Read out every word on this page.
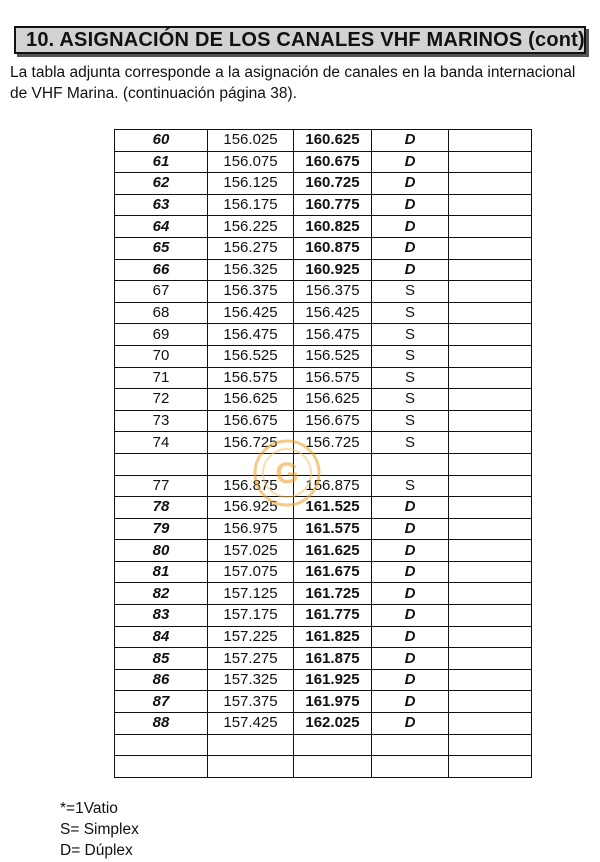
10. ASIGNACIÓN DE LOS CANALES VHF MARINOS (cont)
La tabla adjunta corresponde a la asignación de canales en la banda internacional
de VHF Marina. (continuación página 38).
60	156.025	160.625	D	
61	156.075	160.675	D	
62	156.125	160.725	D	
63	156.175	160.775	D	
64	156.225	160.825	D	
65	156.275	160.875	D	
66	156.325	160.925	D	
67	156.375	156.375	S	
68	156.425	156.425	S	
69	156.475	156.475	S	
70	156.525	156.525	S	
71	156.575	156.575	S	
72	156.625	156.625	S	
73	156.675	156.675	S	
74	156.725	156.725	S	

77	156.875	156.875	S	
78	156.925	161.525	D	
79	156.975	161.575	D	
80	157.025	161.625	D	
81	157.075	161.675	D	
82	157.125	161.725	D	
83	157.175	161.775	D	
84	157.225	161.825	D	
85	157.275	161.875	D	
86	157.325	161.925	D	
87	157.375	161.975	D	
88	157.425	162.025	D	

G
*=1Vatio
S= Simplex
D= Dúplex
